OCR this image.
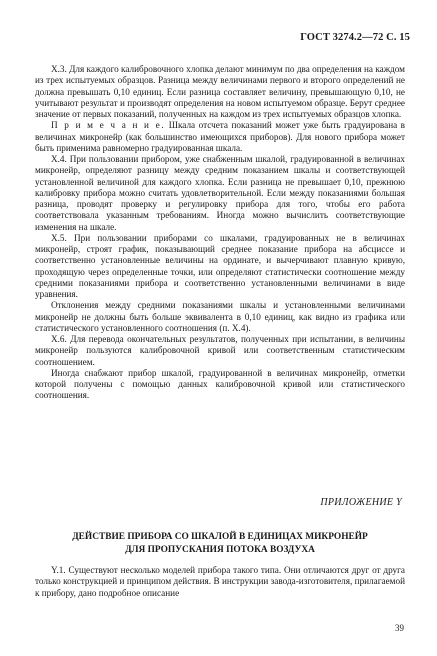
ГОСТ 3274.2—72 С. 15

Х.3. Для каждого калибровочного хлопка делают минимум по два определения на каждом из трех испытуемых образцов. Разница между величинами первого и второго определений не должна превышать 0,10 единиц. Если разница составляет величину, превышающую 0,10, не учитывают результат и производят определения на новом испытуемом образце. Берут среднее значение от первых показаний, полученных на каждом из трех испытуемых образцов хлопка.

П р и м е ч а н и е. Шкала отсчета показаний может уже быть градуирована в величинах микронейр (как большинство имеющихся приборов). Для нового прибора может быть применима равномерно градуированная шкала.

Х.4. При пользовании прибором, уже снабженным шкалой, градуированной в величинах микронейр, определяют разницу между средним показанием шкалы и соответствующей установленной величиной для каждого хлопка. Если разница не превышает 0,10, прежнюю калибровку прибора можно считать удовлетворительной. Если между показаниями большая разница, проводят проверку и регулировку прибора для того, чтобы его работа соответствовала указанным требованиям. Иногда можно вычислить соответствующие изменения на шкале.

Х.5. При пользовании приборами со шкалами, градуированных не в величинах микронейр, строят график, показывающий среднее показание прибора на абсциссе и соответственно установленные величины на ординате, и вычерчивают плавную кривую, проходящую через определенные точки, или определяют статистически соотношение между средними показаниями прибора и соответственно установленными величинами в виде уравнения.

Отклонения между средними показаниями шкалы и установленными величинами микронейр не должны быть больше эквивалента в 0,10 единиц, как видно из графика или статистического установленного соотношения (п. Х.4).

Х.6. Для перевода окончательных результатов, полученных при испытании, в величины микронейр пользуются калибровочной кривой или соответственным статистическим соотношением.

Иногда снабжают прибор шкалой, градуированной в величинах микронейр, отметки которой получены с помощью данных калибровочной кривой или статистического соотношения.

ПРИЛОЖЕНИЕ Y
ДЕЙСТВИЕ ПРИБОРА СО ШКАЛОЙ В ЕДИНИЦАХ МИКРОНЕЙР
ДЛЯ ПРОПУСКАНИЯ ПОТОКА ВОЗДУХА

Y.1. Существуют несколько моделей прибора такого типа. Они отличаются друг от друга только конструкцией и принципом действия. В инструкции завода-изготовителя, прилагаемой к прибору, дано подробное описание

39
